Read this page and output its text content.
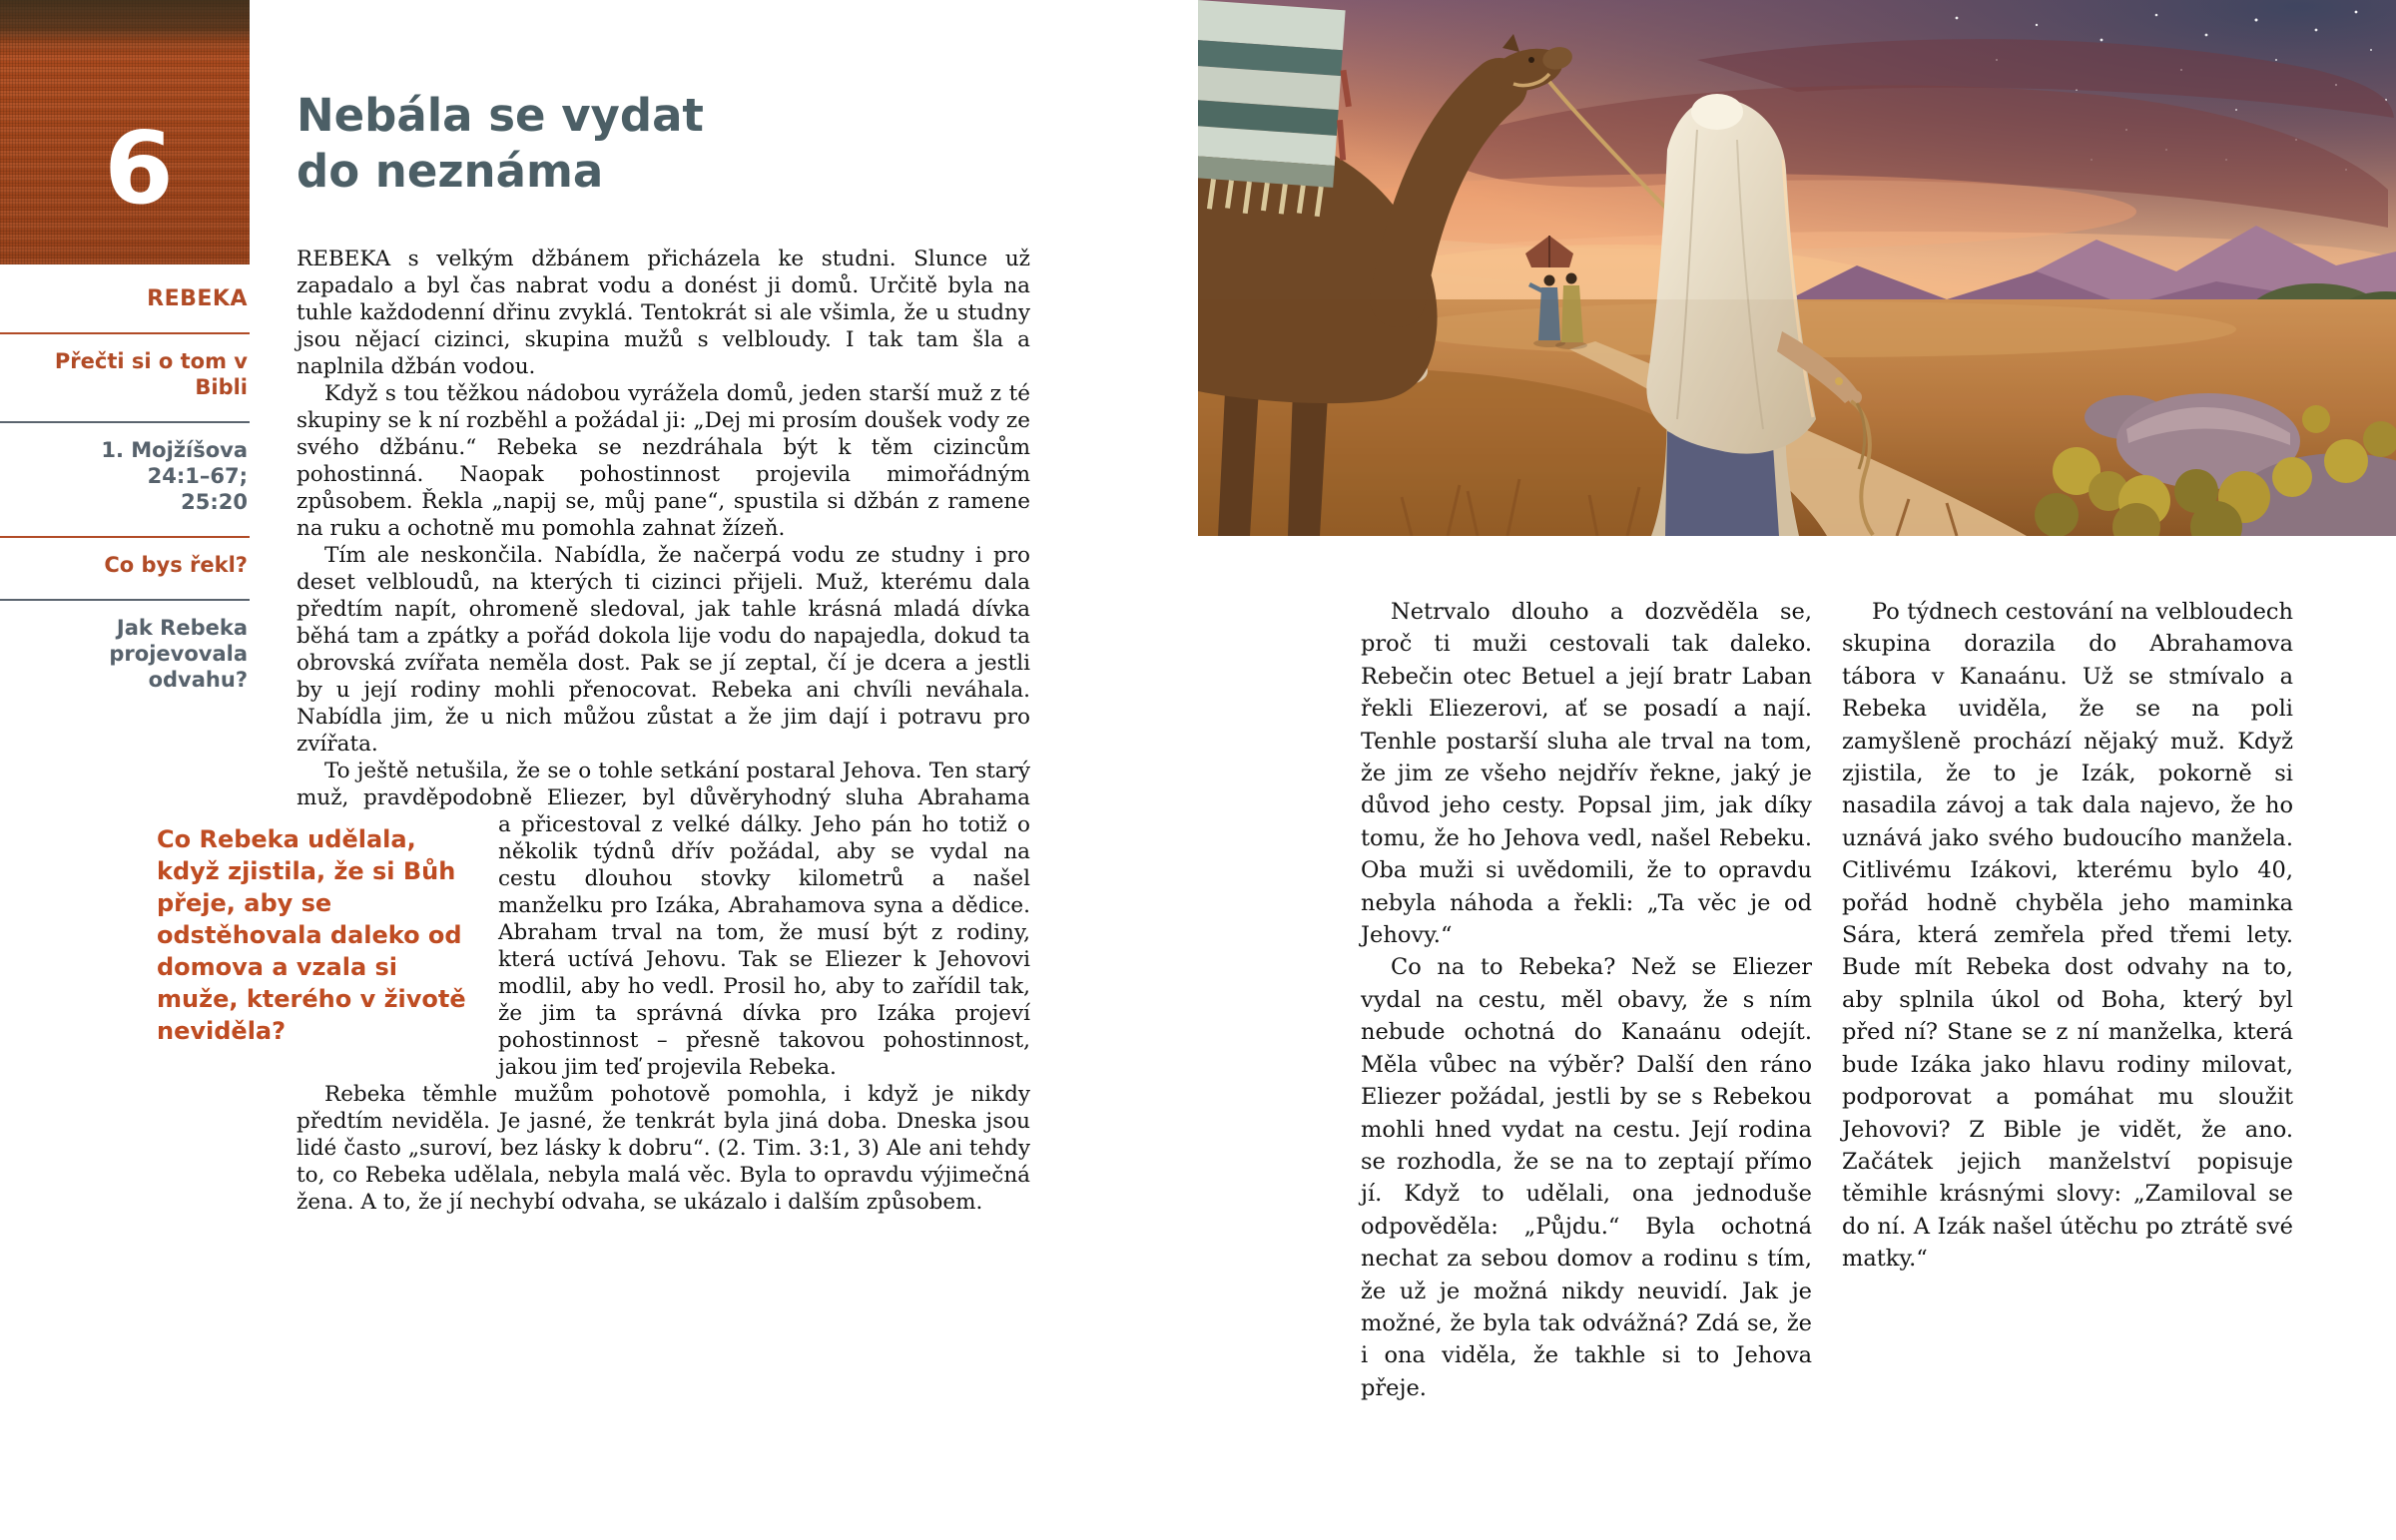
6
REBEKA
Přečti si o tom v Bibli
1. Mojžíšova 24:1–67; 25:20
Co bys řekl?
Jak Rebeka projevovala odvahu?
Nebála se vydat
do neznáma

REBEKA s velkým džbánem přicházela ke studni. Slunce už zapadalo a byl čas nabrat vodu a donést ji domů. Určitě byla na tuhle každodenní dřinu zvyklá. Tentokrát si ale všimla, že u studny jsou nějací cizinci, skupina mužů s velbloudy. I tak tam šla a naplnila džbán vodou.

Když s tou těžkou nádobou vyrážela domů, jeden starší muž z té skupiny se k ní rozběhl a požádal ji: „Dej mi prosím doušek vody ze svého džbánu.“ Rebeka se nezdráhala být k těm cizincům pohostinná. Naopak pohostinnost projevila mimořádným způsobem. Řekla „napij se, můj pane“, spustila si džbán z ramene na ruku a ochotně mu pomohla zahnat žízeň.

Tím ale neskončila. Nabídla, že načerpá vodu ze studny i pro deset velbloudů, na kterých ti cizinci přijeli. Muž, kterému dala předtím napít, ohromeně sledoval, jak tahle krásná mladá dívka běhá tam a zpátky a pořád dokola lije vodu do napajedla, dokud ta obrovská zvířata neměla dost. Pak se jí zeptal, čí je dcera a jestli by u její rodiny mohli přenocovat. Rebeka ani chvíli neváhala. Nabídla jim, že u nich můžou zůstat a že jim dají i potravu pro zvířata.

To ještě netušila, že se o tohle setkání postaral Jehova. Ten starý muž, pravděpodobně Eliezer, byl důvěryhodný sluha Abrahama

Co Rebeka udělala, když zjistila, že si Bůh přeje, aby se odstěhovala daleko od domova a vzala si muže, kterého v životě neviděla?

a přicestoval z velké dálky. Jeho pán ho totiž o několik týdnů dřív požádal, aby se vydal na cestu dlouhou stovky kilometrů a našel manželku pro Izáka, Abrahamova syna a dědice. Abraham trval na tom, že musí být z rodiny, která uctívá Jehovu. Tak se Eliezer k Jehovovi modlil, aby ho vedl. Prosil ho, aby to zařídil tak, že jim ta správná dívka pro Izáka projeví pohostinnost – přesně takovou pohostinnost, jakou jim teď projevila Rebeka.

Rebeka těmhle mužům pohotově pomohla, i když je nikdy předtím neviděla. Je jasné, že tenkrát byla jiná doba. Dneska jsou lidé často „suroví, bez lásky k dobru“. (2. Tim. 3:1, 3) Ale ani tehdy to, co Rebeka udělala, nebyla malá věc. Byla to opravdu výjimečná žena. A to, že jí nechybí odvaha, se ukázalo i dalším způsobem.

Netrvalo dlouho a dozvěděla se, proč ti muži cestovali tak daleko. Rebečin otec Betuel a její bratr Laban řekli Eliezerovi, ať se posadí a nají. Tenhle postarší sluha ale trval na tom, že jim ze všeho nejdřív řekne, jaký je důvod jeho cesty. Popsal jim, jak díky tomu, že ho Jehova vedl, našel Rebeku. Oba muži si uvědomili, že to opravdu nebyla náhoda a řekli: „Ta věc je od Jehovy.“

Co na to Rebeka? Než se Eliezer vydal na cestu, měl obavy, že s ním nebude ochotná do Kanaánu odejít. Měla vůbec na výběr? Další den ráno Eliezer požádal, jestli by se s Rebekou mohli hned vydat na cestu. Její rodina se rozhodla, že se na to zeptají přímo jí. Když to udělali, ona jednoduše odpověděla: „Půjdu.“ Byla ochotná nechat za sebou domov a rodinu s tím, že už je možná nikdy neuvidí. Jak je možné, že byla tak odvážná? Zdá se, že i ona viděla, že takhle si to Jehova přeje.

Po týdnech cestování na velbloudech skupina dorazila do Abrahamova tábora v Kanaánu. Už se stmívalo a Rebeka uviděla, že se na poli zamyšleně prochází nějaký muž. Když zjistila, že to je Izák, pokorně si nasadila závoj a tak dala najevo, že ho uznává jako svého budoucího manžela. Citlivému Izákovi, kterému bylo 40, pořád hodně chyběla jeho maminka Sára, která zemřela před třemi lety. Bude mít Rebeka dost odvahy na to, aby splnila úkol od Boha, který byl před ní? Stane se z ní manželka, která bude Izáka jako hlavu rodiny milovat, podporovat a pomáhat mu sloužit Jehovovi? Z Bible je vidět, že ano. Začátek jejich manželství popisuje těmihle krásnými slovy: „Zamiloval se do ní. A Izák našel útěchu po ztrátě své matky.“
